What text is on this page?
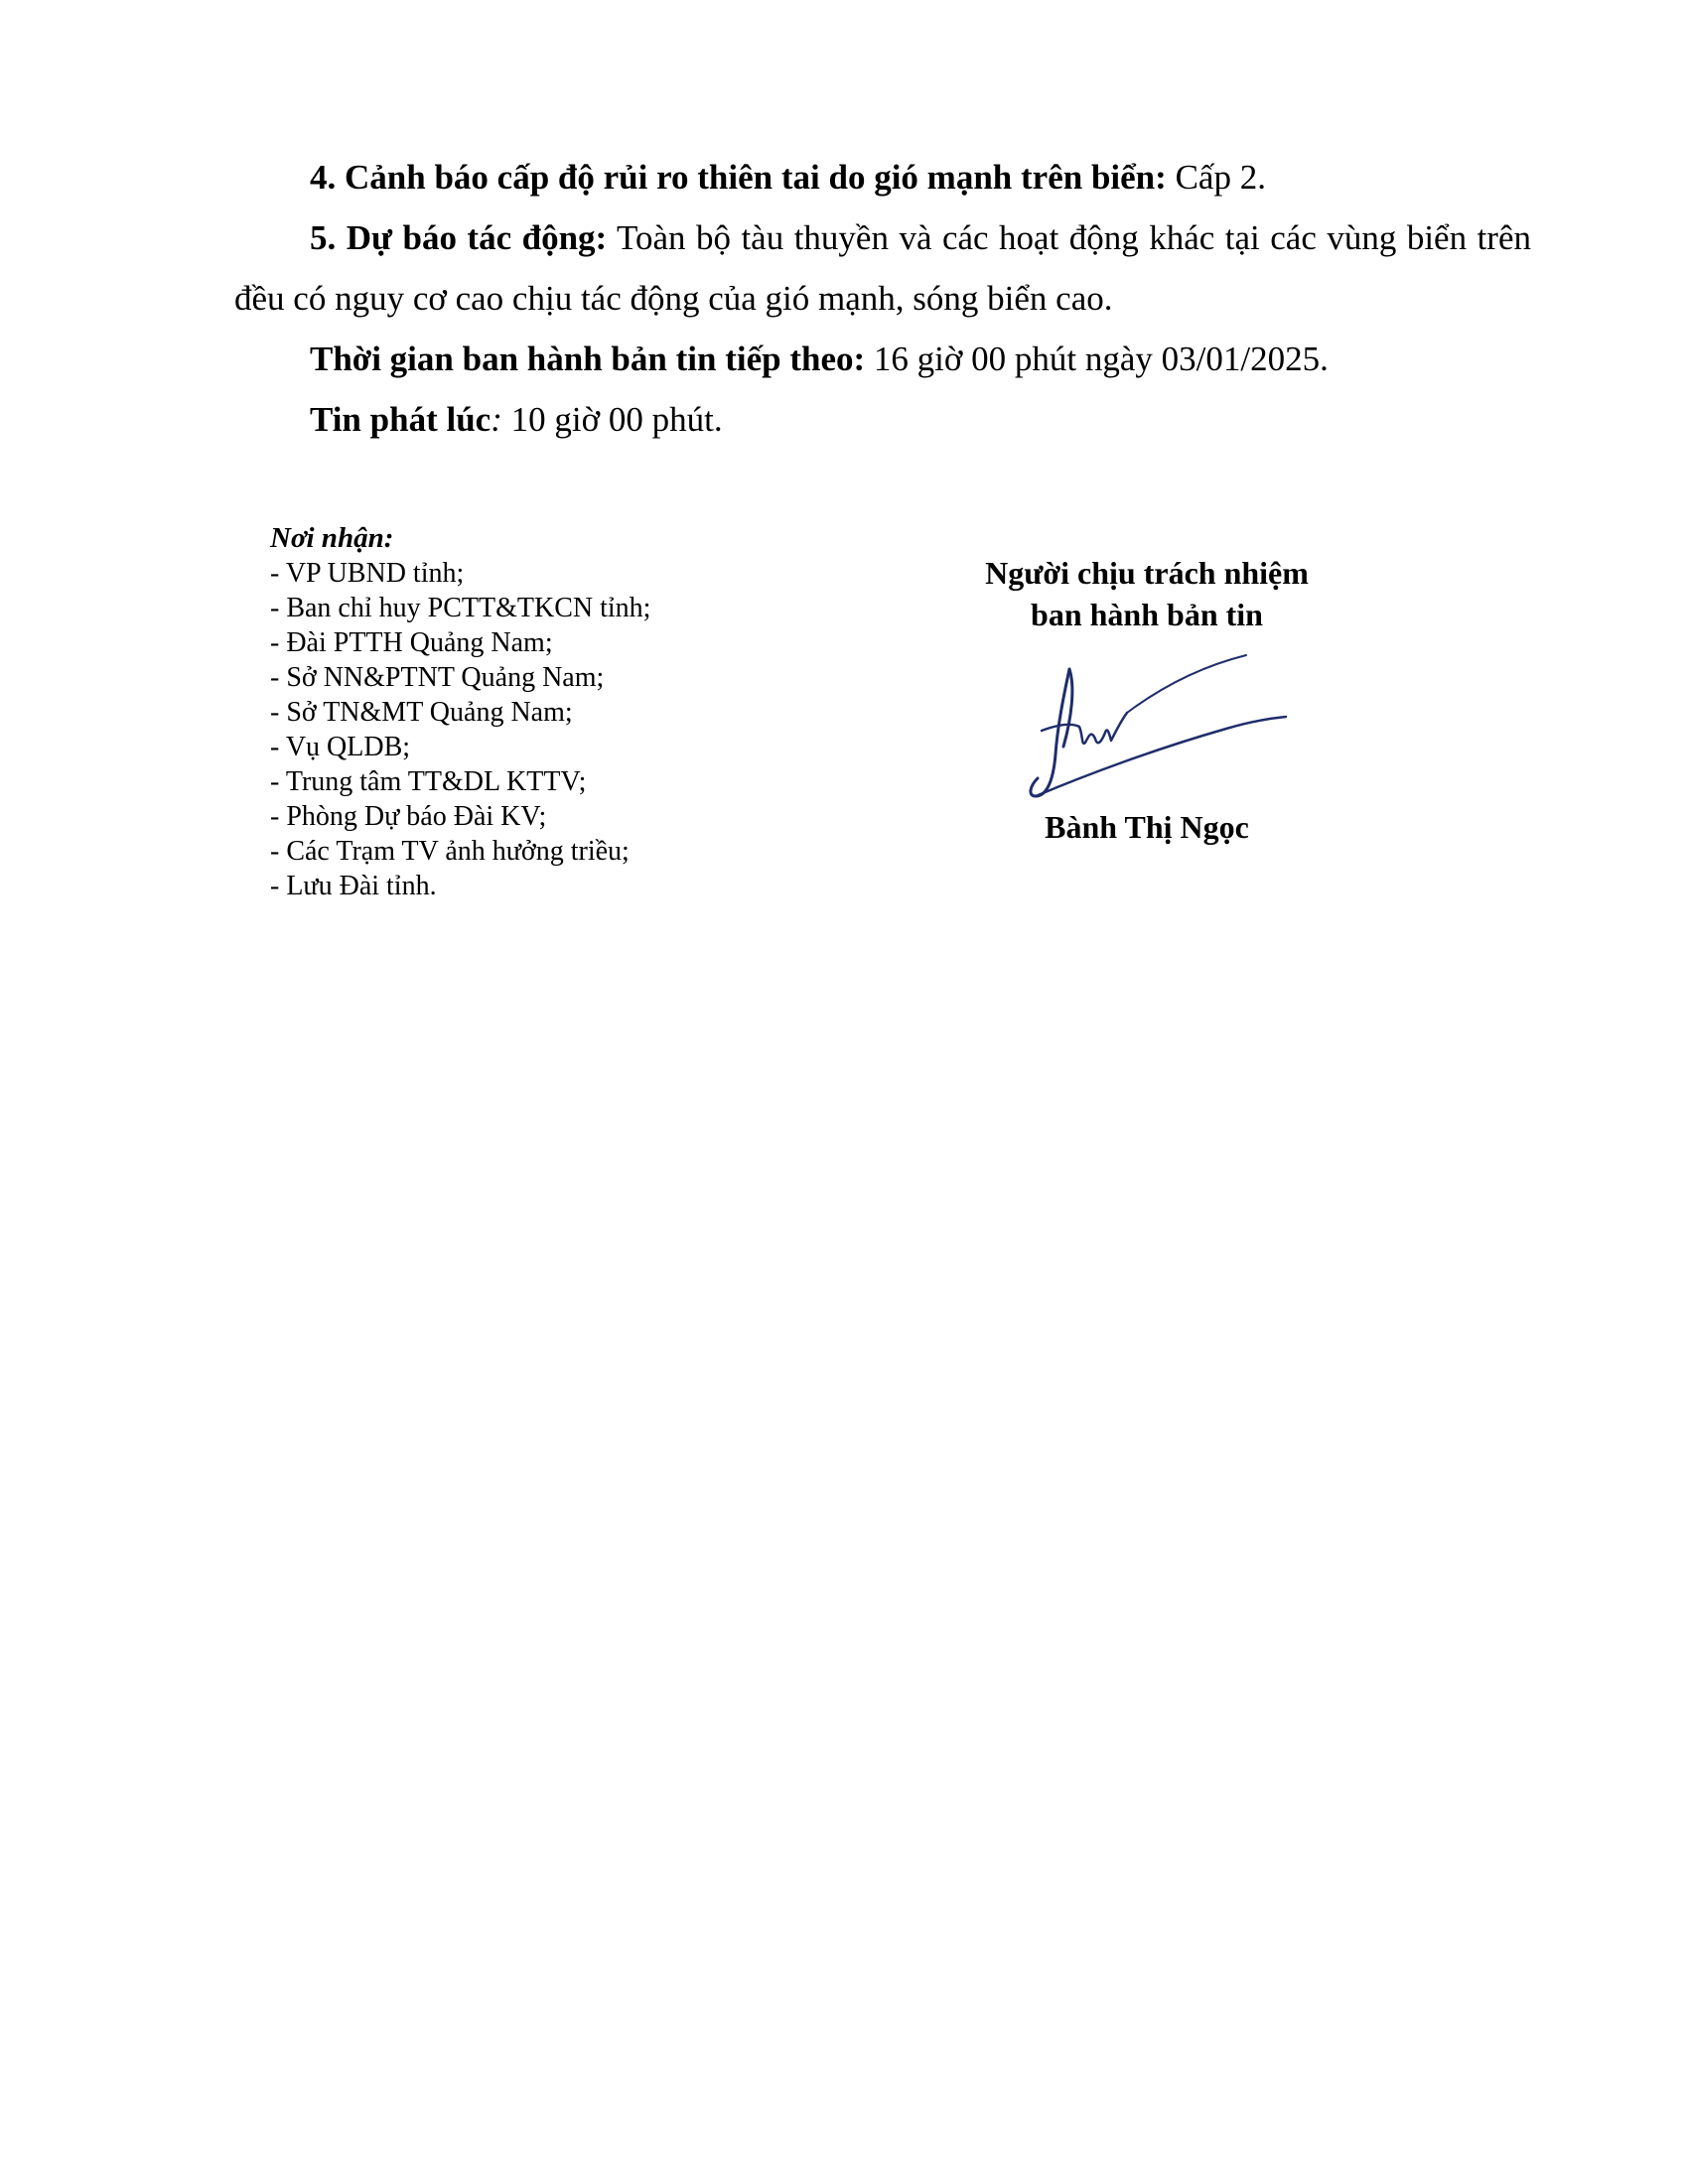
4. Cảnh báo cấp độ rủi ro thiên tai do gió mạnh trên biển: Cấp 2.

5. Dự báo tác động: Toàn bộ tàu thuyền và các hoạt động khác tại các vùng biển trên đều có nguy cơ cao chịu tác động của gió mạnh, sóng biển cao.

Thời gian ban hành bản tin tiếp theo: 16 giờ 00 phút ngày 03/01/2025.

Tin phát lúc: 10 giờ 00 phút.

Nơi nhận:

- VP UBND tỉnh;
- Ban chỉ huy PCTT&TKCN tỉnh;
- Đài PTTH Quảng Nam;
- Sở NN&PTNT Quảng Nam;
- Sở TN&MT Quảng Nam;
- Vụ QLDB;
- Trung tâm TT&DL KTTV;
- Phòng Dự báo Đài KV;
- Các Trạm TV ảnh hưởng triều;
- Lưu Đài tỉnh.

Người chịu trách nhiệm

ban hành bản tin

Bành Thị Ngọc
